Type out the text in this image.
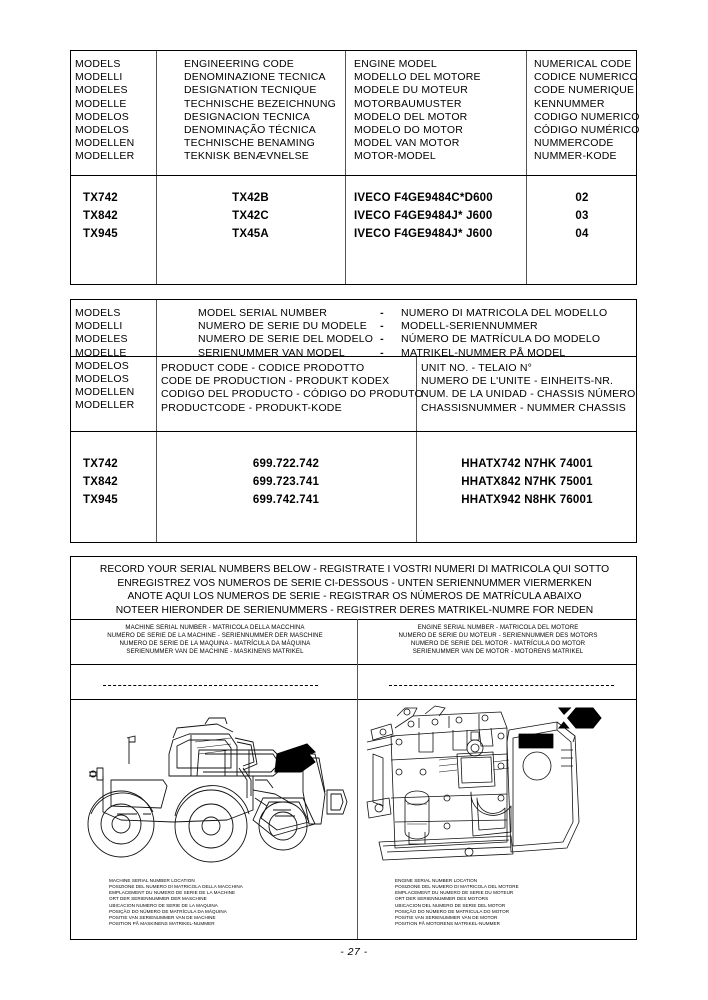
MODELS
MODELLI
MODELES
MODELLE
MODELOS
MODELOS
MODELLEN
MODELLER
ENGINEERING CODE
DENOMINAZIONE TECNICA
DESIGNATION TECNIQUE
TECHNISCHE BEZEICHNUNG
DESIGNACION TECNICA
DENOMINAÇÃO TÉCNICA
TECHNISCHE BENAMING
TEKNISK BENÆVNELSE
ENGINE MODEL
MODELLO DEL MOTORE
MODELE DU MOTEUR
MOTORBAUMUSTER
MODELO DEL MOTOR
MODELO DO MOTOR
MODEL VAN MOTOR
MOTOR-MODEL
NUMERICAL CODE
CODICE NUMERICO
CODE NUMERIQUE
KENNUMMER
CODIGO NUMERICO
CÓDIGO NUMÉRICO
NUMMERCODE
NUMMER-KODE
TX742
TX842
TX945
TX42B
TX42C
TX45A
IVECO F4GE9484C*D600
IVECO F4GE9484J* J600
IVECO F4GE9484J* J600
02
03
04
MODELS
MODELLI
MODELES
MODELLE
MODELOS
MODELOS
MODELLEN
MODELLER
MODEL SERIAL NUMBER
NUMERO DE SERIE DU MODELE
NUMERO DE SERIE DEL MODELO
SERIENUMMER VAN MODEL
-
-
-
-
NUMERO DI MATRICOLA DEL MODELLO
MODELL-SERIENNUMMER
NÚMERO DE MATRÍCULA DO MODELO
MATRIKEL-NUMMER PÅ MODEL
PRODUCT CODE - CODICE PRODOTTO
CODE DE PRODUCTION - PRODUKT KODEX
CODIGO DEL PRODUCTO - CÓDIGO DO PRODUTO
PRODUCTCODE - PRODUKT-KODE
UNIT NO. - TELAIO N°
NUMERO DE L'UNITE - EINHEITS-NR.
NUM. DE LA UNIDAD - CHASSIS NÚMERO
CHASSISNUMMER - NUMMER CHASSIS
TX742
TX842
TX945
699.722.742
699.723.741
699.742.741
HHATX742 N7HK 74001
HHATX842 N7HK 75001
HHATX942 N8HK 76001
RECORD YOUR SERIAL NUMBERS BELOW - REGISTRATE I VOSTRI NUMERI DI MATRICOLA QUI SOTTO
ENREGISTREZ VOS NUMEROS DE SERIE CI-DESSOUS - UNTEN SERIENNUMMER VIERMERKEN
ANOTE AQUI LOS NUMEROS DE SERIE - REGISTRAR OS NÚMEROS DE MATRÍCULA ABAIXO
NOTEER HIERONDER DE SERIENUMMERS - REGISTRER DERES MATRIKEL-NUMRE FOR NEDEN
MACHINE SERIAL NUMBER - MATRICOLA DELLA MACCHINA
NUMERO DE SERIE DE LA MACHINE - SERIENNUMMER DER MASCHINE
NUMERO DE SERIE DE LA MAQUINA - MATRÍCULA DA MÁQUINA
SERIENUMMER VAN DE MACHINE - MASKINENS MATRIKEL
ENGINE SERIAL NUMBER - MATRICOLA DEL MOTORE
NUMERO DE SERIE DU MOTEUR - SERIENNUMMER DES MOTORS
NUMERO DE SERIE DEL MOTOR - MATRÍCULA DO MOTOR
SERIENUMMER VAN DE MOTOR - MOTORENS MATRIKEL
MACHINE SERIAL NUMBER LOCATION
POSIZIONE DEL NUMERO DI MATRICOLA DELLA MACCHINA
EMPLACEMENT DU NUMERO DE SERIE DE LA MACHINE
ORT DER SERIENNUMMER DER MASCHINE
UBICACION NUMERO DE SERIE DE LA MAQUINA
POSIÇÃO DO NÚMERO DE MATRÍCULA DA MÁQUINA
POSITIE VAN SERIENUMMER VAN DE MACHINE
POSITION PÅ MASKINENS MATRIKEL-NUMMER
ENGINE SERIAL NUMBER LOCATION
POSIZIONE DEL NUMERO DI MATRICOLA DEL MOTORE
EMPLACEMENT DU NUMERO DE SERIE DU MOTEUR
ORT DER SERIENNUMMER DES MOTORS
UBICACION DEL NUMERO DE SERIE DEL MOTOR
POSIÇÃO DO NÚMERO DE MATRICULA DO MOTOR
POSITIE VAN SERIENUMMER VAN DE MOTOR
POSITION PÅ MOTORENS MATRIKEL-NUMMER
- 27 -
